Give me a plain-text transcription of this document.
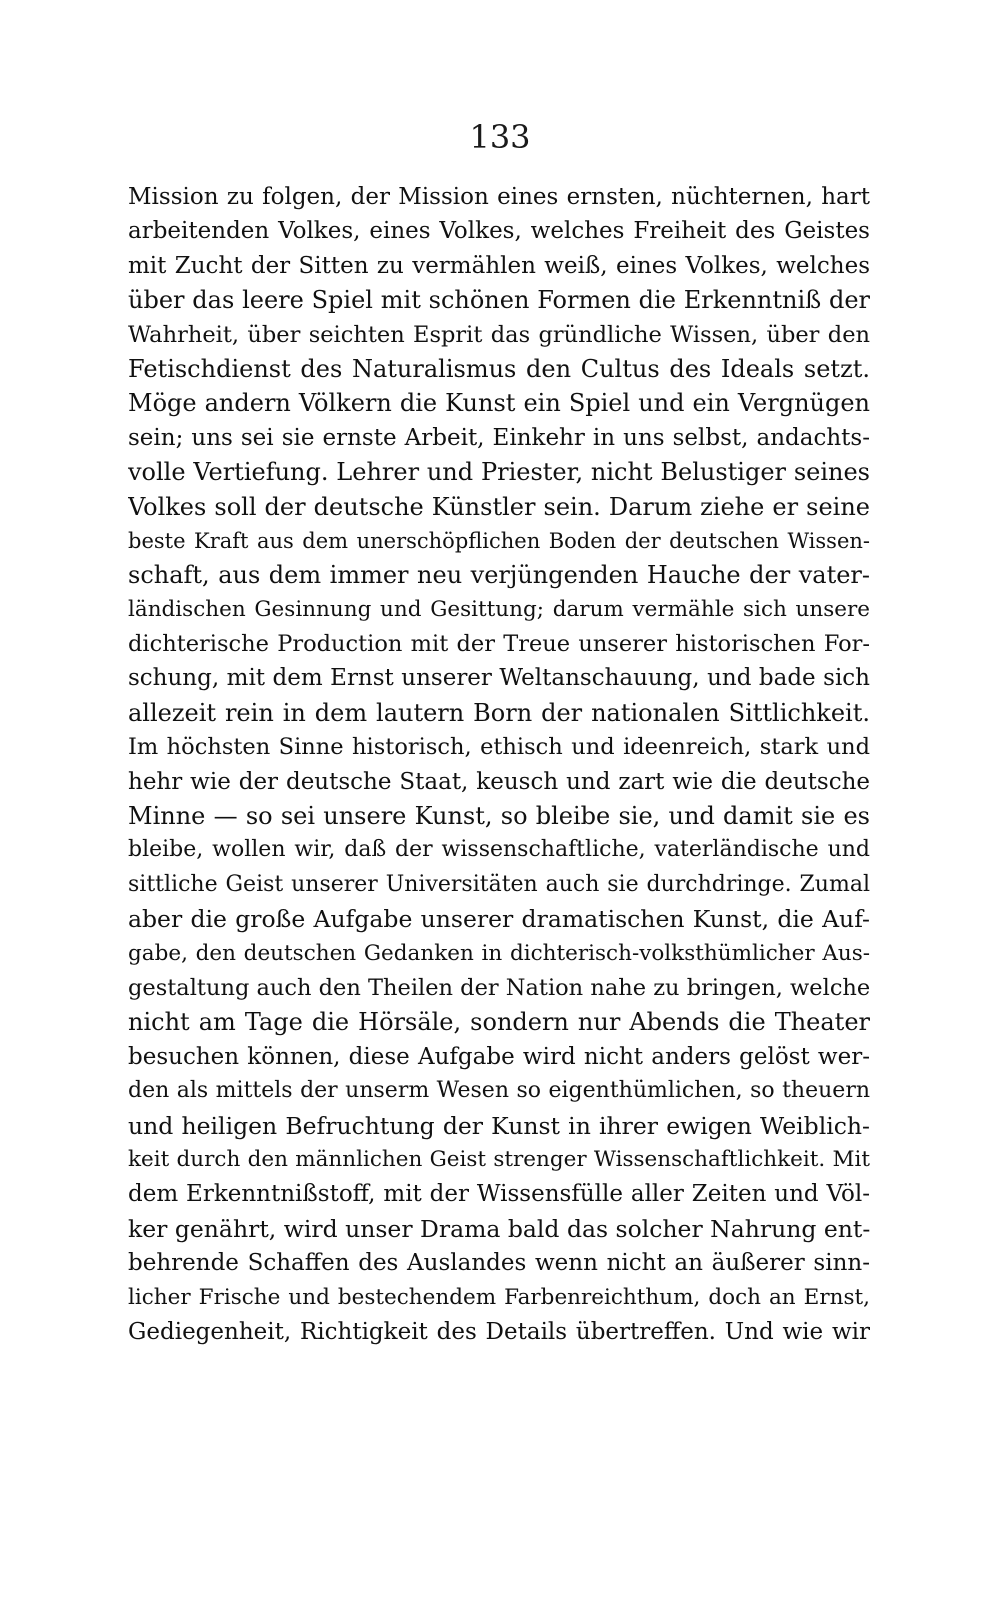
133
Mission zu folgen, der Mission eines ernsten, nüchternen, hart
arbeitenden Volkes, eines Volkes, welches Freiheit des Geistes
mit Zucht der Sitten zu vermählen weiß, eines Volkes, welches
über das leere Spiel mit schönen Formen die Erkenntniß der
Wahrheit, über seichten Esprit das gründliche Wissen, über den
Fetischdienst des Naturalismus den Cultus des Ideals setzt.
Möge andern Völkern die Kunst ein Spiel und ein Vergnügen
sein; uns sei sie ernste Arbeit, Einkehr in uns selbst, andachts-
volle Vertiefung. Lehrer und Priester, nicht Belustiger seines
Volkes soll der deutsche Künstler sein. Darum ziehe er seine
beste Kraft aus dem unerschöpflichen Boden der deutschen Wissen-
schaft, aus dem immer neu verjüngenden Hauche der vater-
ländischen Gesinnung und Gesittung; darum vermähle sich unsere
dichterische Production mit der Treue unserer historischen For-
schung, mit dem Ernst unserer Weltanschauung, und bade sich
allezeit rein in dem lautern Born der nationalen Sittlichkeit.
Im höchsten Sinne historisch, ethisch und ideenreich, stark und
hehr wie der deutsche Staat, keusch und zart wie die deutsche
Minne — so sei unsere Kunst, so bleibe sie, und damit sie es
bleibe, wollen wir, daß der wissenschaftliche, vaterländische und
sittliche Geist unserer Universitäten auch sie durchdringe. Zumal
aber die große Aufgabe unserer dramatischen Kunst, die Auf-
gabe, den deutschen Gedanken in dichterisch-volksthümlicher Aus-
gestaltung auch den Theilen der Nation nahe zu bringen, welche
nicht am Tage die Hörsäle, sondern nur Abends die Theater
besuchen können, diese Aufgabe wird nicht anders gelöst wer-
den als mittels der unserm Wesen so eigenthümlichen, so theuern
und heiligen Befruchtung der Kunst in ihrer ewigen Weiblich-
keit durch den männlichen Geist strenger Wissenschaftlichkeit. Mit
dem Erkenntnißstoff, mit der Wissensfülle aller Zeiten und Völ-
ker genährt, wird unser Drama bald das solcher Nahrung ent-
behrende Schaffen des Auslandes wenn nicht an äußerer sinn-
licher Frische und bestechendem Farbenreichthum, doch an Ernst,
Gediegenheit, Richtigkeit des Details übertreffen. Und wie wir
